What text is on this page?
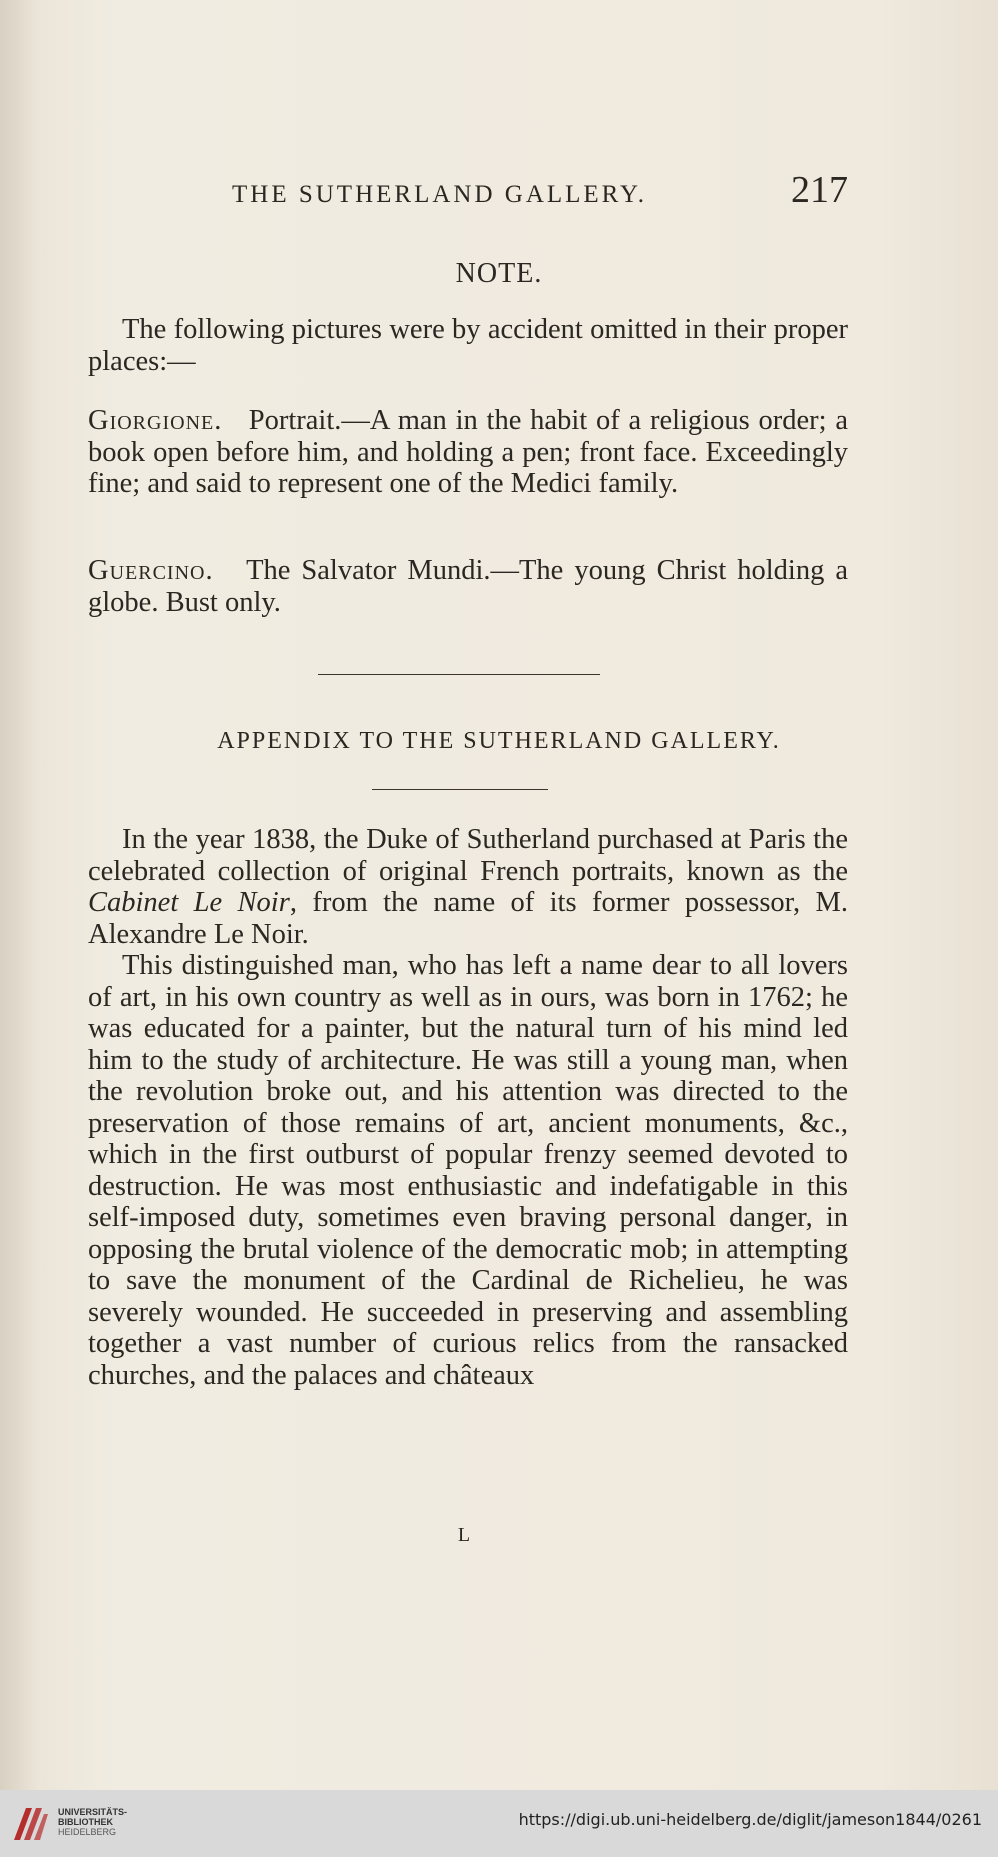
THE SUTHERLAND GALLERY.	217
NOTE.

The following pictures were by accident omitted in their proper places:—

Giorgione. Portrait.—A man in the habit of a religious order; a book open before him, and holding a pen; front face. Exceedingly fine; and said to represent one of the Medici family.

Guercino. The Salvator Mundi.—The young Christ holding a globe. Bust only.

APPENDIX TO THE SUTHERLAND GALLERY.

In the year 1838, the Duke of Sutherland purchased at Paris the celebrated collection of original French portraits, known as the Cabinet Le Noir, from the name of its former possessor, M. Alexandre Le Noir.

This distinguished man, who has left a name dear to all lovers of art, in his own country as well as in ours, was born in 1762; he was educated for a painter, but the natural turn of his mind led him to the study of architecture. He was still a young man, when the revolution broke out, and his attention was directed to the preservation of those remains of art, ancient monuments, &c., which in the first outburst of popular frenzy seemed devoted to destruction. He was most enthusiastic and indefatigable in this self-imposed duty, sometimes even braving personal danger, in opposing the brutal violence of the democratic mob; in attempting to save the monument of the Cardinal de Richelieu, he was severely wounded. He succeeded in preserving and assembling together a vast number of curious relics from the ransacked churches, and the palaces and châteaux

L
UNIVERSITÄTS-
BIBLIOTHEK
HEIDELBERG
https://digi.ub.uni-heidelberg.de/diglit/jameson1844/0261
